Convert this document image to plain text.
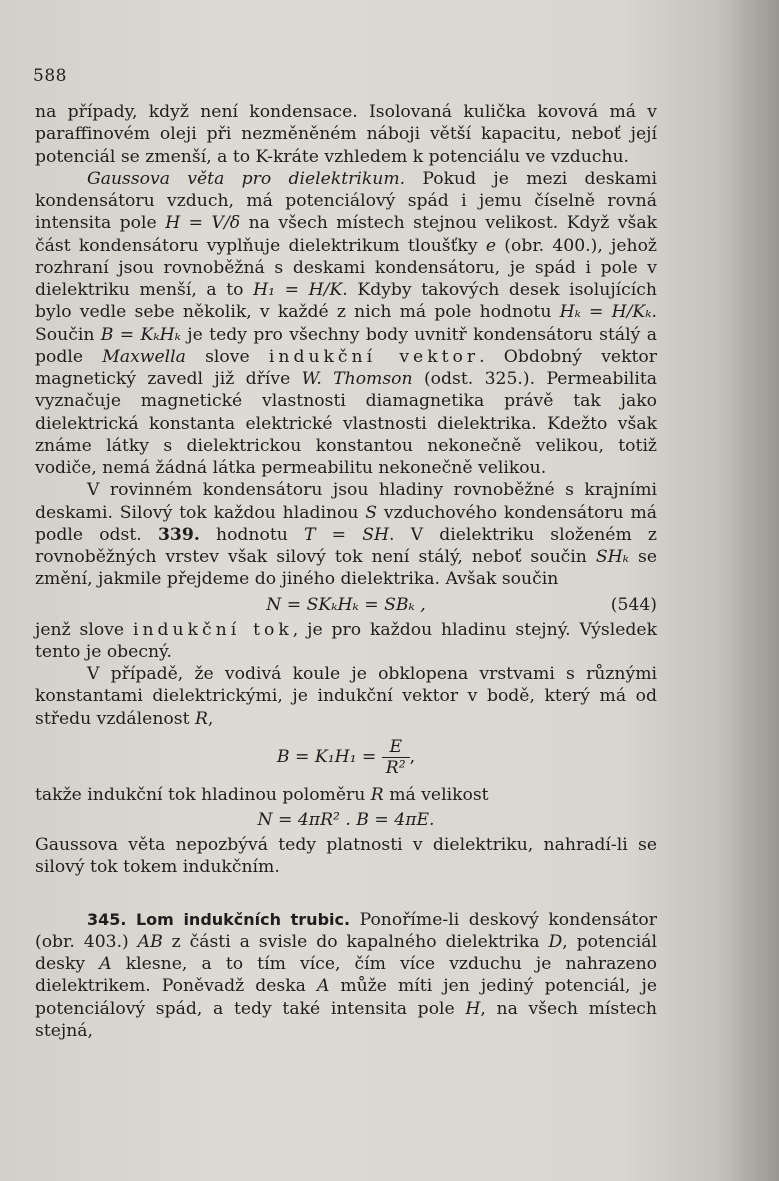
588

na případy, když není kondensace. Isolovaná kulička kovová má v paraffinovém oleji při nezměněném náboji větší kapacitu, neboť její potenciál se zmenší, a to K-kráte vzhledem k potenciálu ve vzduchu.

Gaussova věta pro dielektrikum. Pokud je mezi deskami kondensátoru vzduch, má potenciálový spád i jemu číselně rovná intensita pole H = V/δ na všech místech stejnou velikost. Když však část kondensátoru vyplňuje dielektrikum tloušťky e (obr. 400.), jehož rozhraní jsou rovnoběžná s deskami kondensátoru, je spád i pole v dielektriku menší, a to H₁ = H/K. Kdyby takových desek isolujících bylo vedle sebe několik, v každé z nich má pole hodnotu Hₖ = H/Kₖ. Součin B = KₖHₖ je tedy pro všechny body uvnitř kondensátoru stálý a podle Maxwella slove indukční vektor. Obdobný vektor magnetický zavedl již dříve W. Thomson (odst. 325.). Permeabilita vyznačuje magnetické vlastnosti diamagnetika právě tak jako dielektrická konstanta elektrické vlastnosti dielektrika. Kdežto však známe látky s dielektrickou konstantou nekonečně velikou, totiž vodiče, nemá žádná látka permeabilitu nekonečně velikou.

V rovinném kondensátoru jsou hladiny rovnoběžné s krajními deskami. Silový tok každou hladinou S vzduchového kondensátoru má podle odst. 339. hodnotu T = SH. V dielektriku složeném z rovnoběžných vrstev však silový tok není stálý, neboť součin SHₖ se změní, jakmile přejdeme do jiného dielektrika. Avšak součin

N = SKₖHₖ = SBₖ ,	(544)

jenž slove indukční tok, je pro každou hladinu stejný. Výsledek tento je obecný.

V případě, že vodivá koule je obklopena vrstvami s různými konstantami dielektrickými, je indukční vektor v bodě, který má od středu vzdálenost R,

$B = K_1H_1 = \frac{E}{\text{R²}}$ ,

takže indukční tok hladinou poloměru R má velikost

N = 4πR² . B = 4πE.

Gaussova věta nepozbývá tedy platnosti v dielektriku, nahradí-li se silový tok tokem indukčním.

345. Lom indukčních trubic. Ponoříme-li deskový kondensátor (obr. 403.) AB z části a svisle do kapalného dielektrika D, potenciál desky A klesne, a to tím více, čím více vzduchu je nahrazeno dielektrikem. Poněvadž deska A může míti jen jediný potenciál, je potenciálový spád, a tedy také intensita pole H, na všech místech stejná,
